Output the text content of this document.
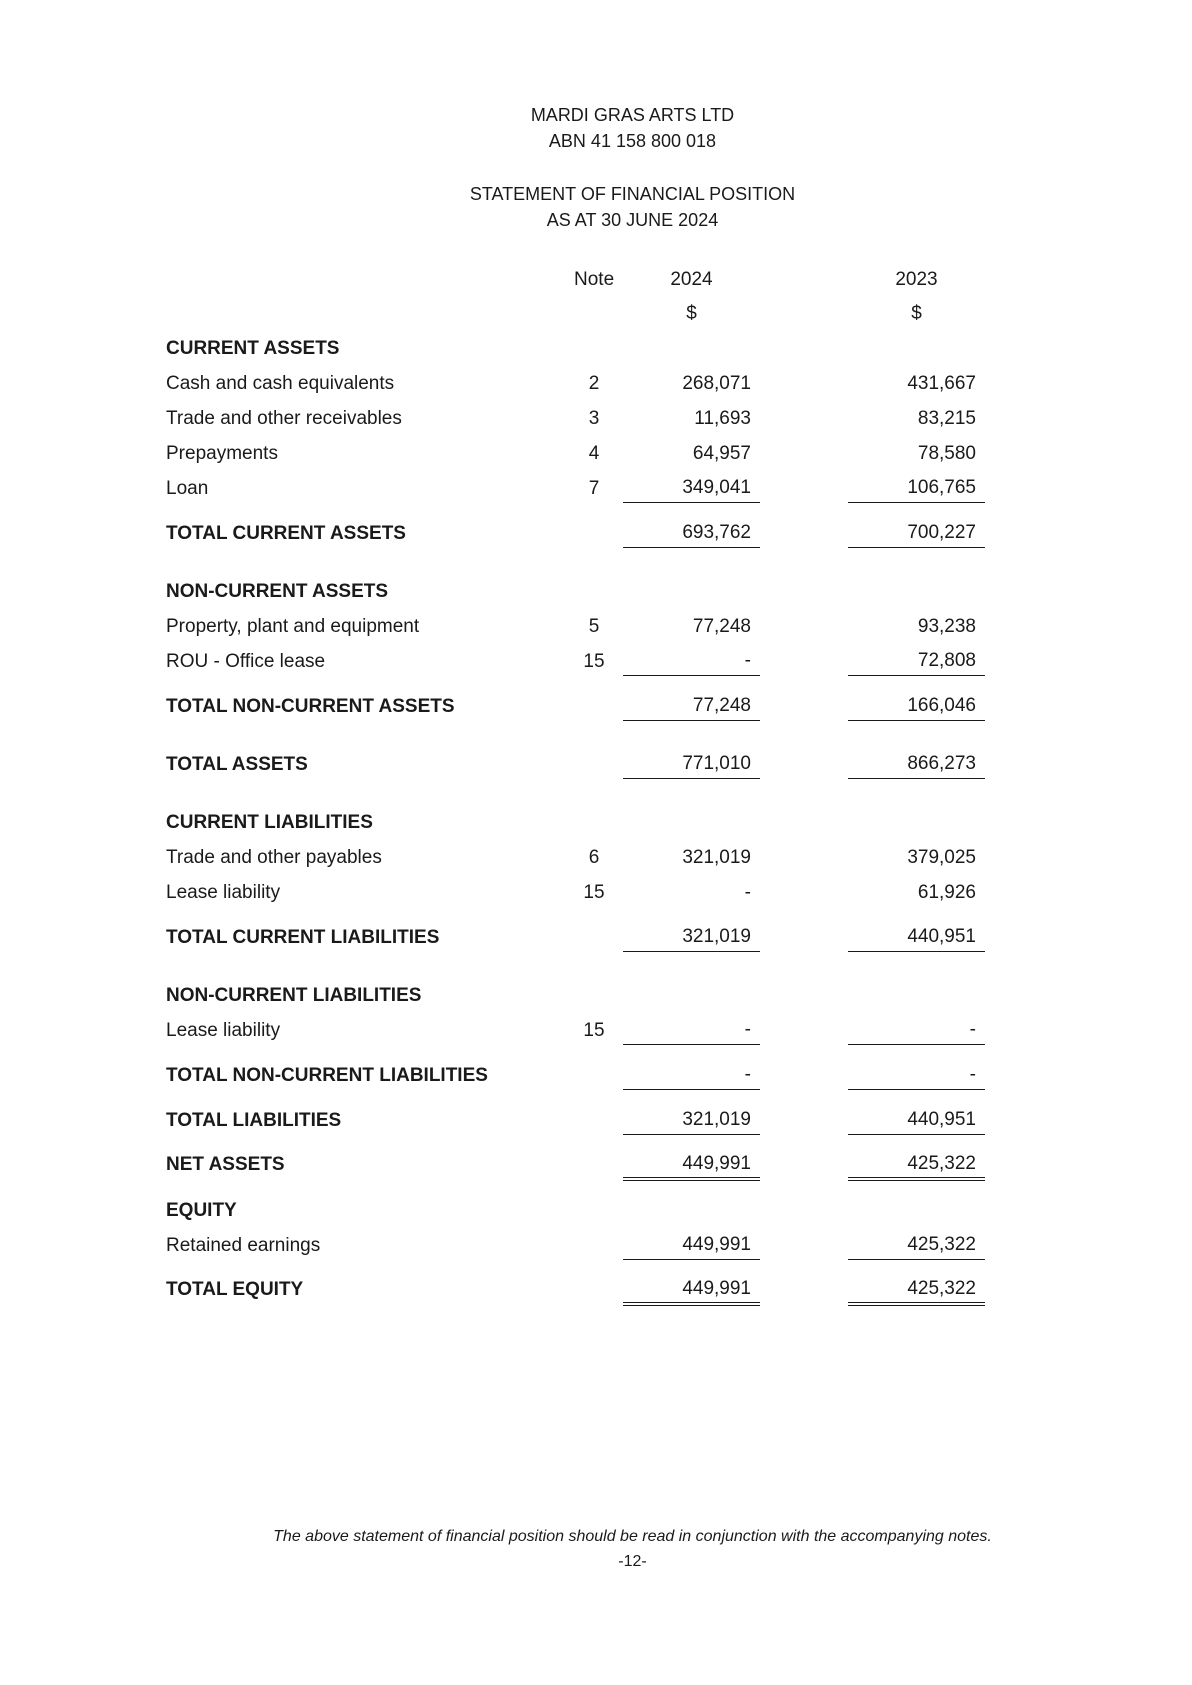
MARDI GRAS ARTS LTD
ABN 41 158 800 018
STATEMENT OF FINANCIAL POSITION
AS AT 30 JUNE 2024
Note	2024	2023
$	$
CURRENT ASSETS
Cash and cash equivalents	2	268,071	431,667
Trade and other receivables	3	11,693	83,215
Prepayments	4	64,957	78,580
Loan	7	349,041	106,765
TOTAL CURRENT ASSETS	693,762	700,227
NON-CURRENT ASSETS
Property, plant and equipment	5	77,248	93,238
ROU - Office lease	15	-	72,808
TOTAL NON-CURRENT ASSETS	77,248	166,046
TOTAL ASSETS	771,010	866,273
CURRENT LIABILITIES
Trade and other payables	6	321,019	379,025
Lease liability	15	-	61,926
TOTAL CURRENT LIABILITIES	321,019	440,951
NON-CURRENT LIABILITIES
Lease liability	15	-	-
TOTAL NON-CURRENT LIABILITIES	-	-
TOTAL LIABILITIES	321,019	440,951
NET ASSETS	449,991	425,322
EQUITY
Retained earnings	449,991	425,322
TOTAL EQUITY	449,991	425,322
The above statement of financial position should be read in conjunction with the accompanying notes.
-12-
